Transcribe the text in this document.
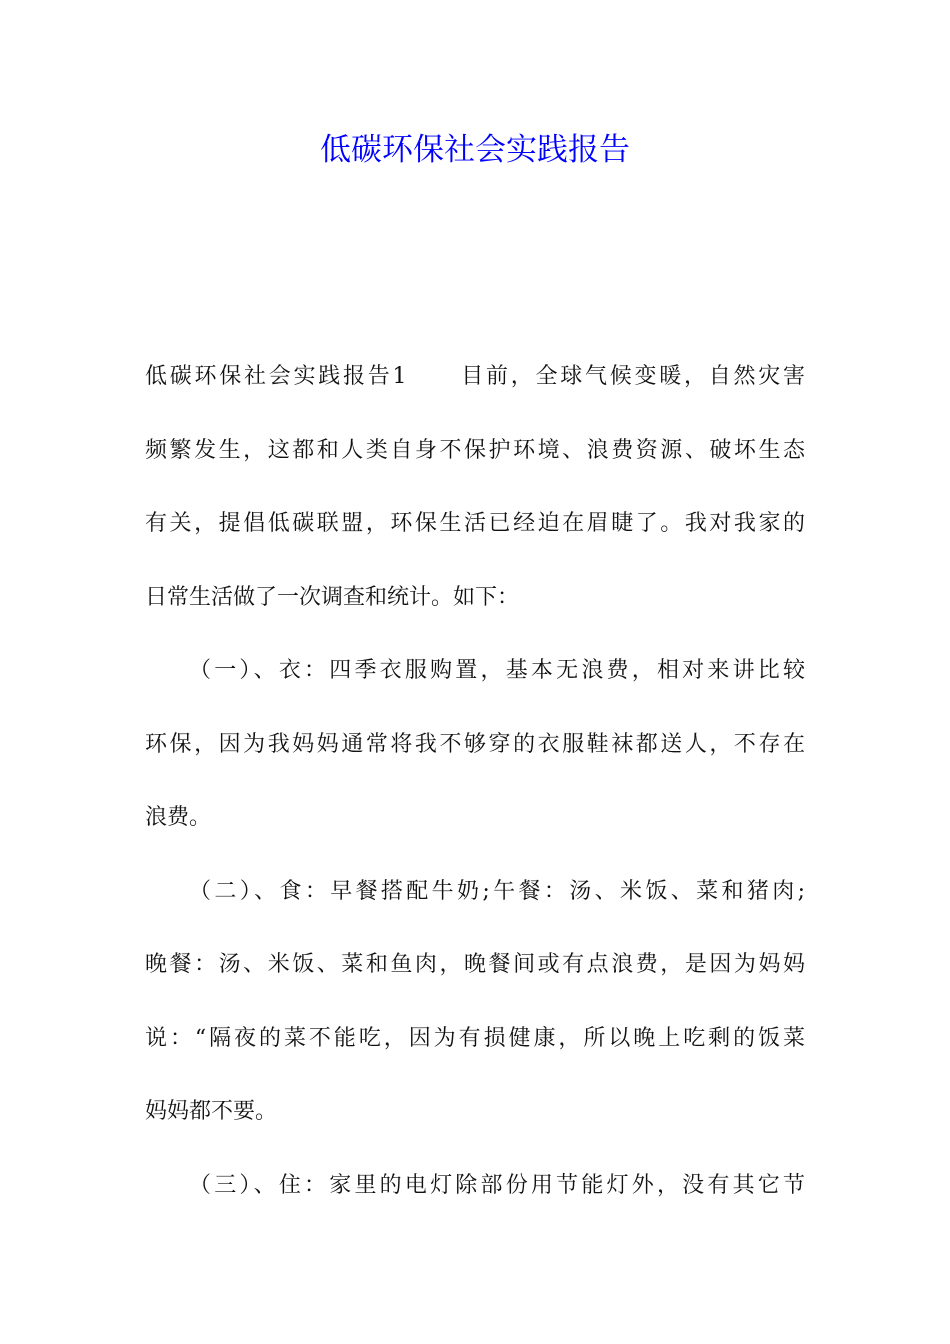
低碳环保社会实践报告
低碳环保社会实践报告1 目前，全球气候变暖，自然灾害
频繁发生，这都和人类自身不保护环境、浪费资源、破坏生态
有关，提倡低碳联盟，环保生活已经迫在眉睫了。我对我家的
日常生活做了一次调查和统计。如下：
（一）、衣：四季衣服购置，基本无浪费，相对来讲比较
环保，因为我妈妈通常将我不够穿的衣服鞋袜都送人，不存在
浪费。
（二）、食：早餐搭配牛奶;午餐：汤、米饭、菜和猪肉;
晚餐：汤、米饭、菜和鱼肉，晚餐间或有点浪费，是因为妈妈
说：“隔夜的菜不能吃，因为有损健康，所以晚上吃剩的饭菜
妈妈都不要。
（三）、住：家里的电灯除部份用节能灯外，没有其它节
